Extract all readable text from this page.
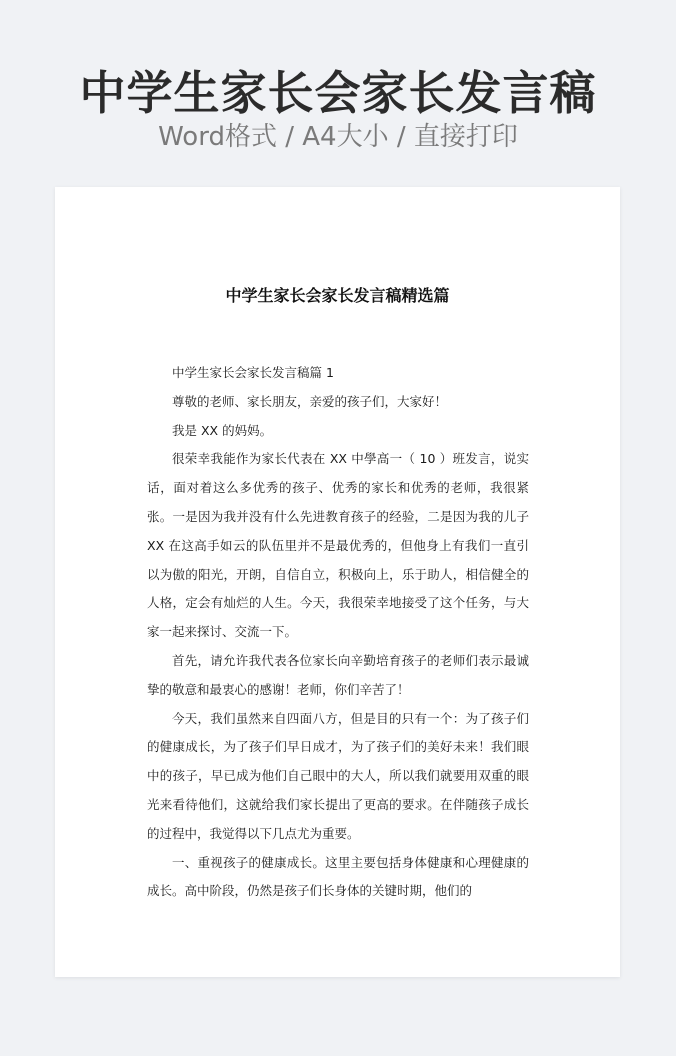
中学生家长会家长发言稿
Word格式 / A4大小 / 直接打印
中学生家长会家长发言稿精选篇

中学生家长会家长发言稿篇 1

尊敬的老师、家长朋友，亲爱的孩子们，大家好！

我是 XX 的妈妈。

很荣幸我能作为家长代表在 XX 中學高一（ 10 ）班发言，说实话，面对着这么多优秀的孩子、优秀的家长和优秀的老师，我很紧张。一是因为我并没有什么先进教育孩子的经验，二是因为我的儿子 XX 在这高手如云的队伍里并不是最优秀的，但他身上有我们一直引以为傲的阳光，开朗，自信自立，积极向上，乐于助人，相信健全的人格，定会有灿烂的人生。今天，我很荣幸地接受了这个任务，与大家一起来探讨、交流一下。

首先，请允许我代表各位家长向辛勤培育孩子的老师们表示最诚挚的敬意和最衷心的感谢！老师，你们辛苦了！

今天，我们虽然来自四面八方，但是目的只有一个：为了孩子们的健康成长，为了孩子们早日成才，为了孩子们的美好未来！我们眼中的孩子，早已成为他们自己眼中的大人，所以我们就要用双重的眼光来看待他们，这就给我们家长提出了更高的要求。在伴随孩子成长的过程中，我觉得以下几点尤为重要。

一、重视孩子的健康成长。这里主要包括身体健康和心理健康的成长。高中阶段，仍然是孩子们长身体的关键时期，他们的
